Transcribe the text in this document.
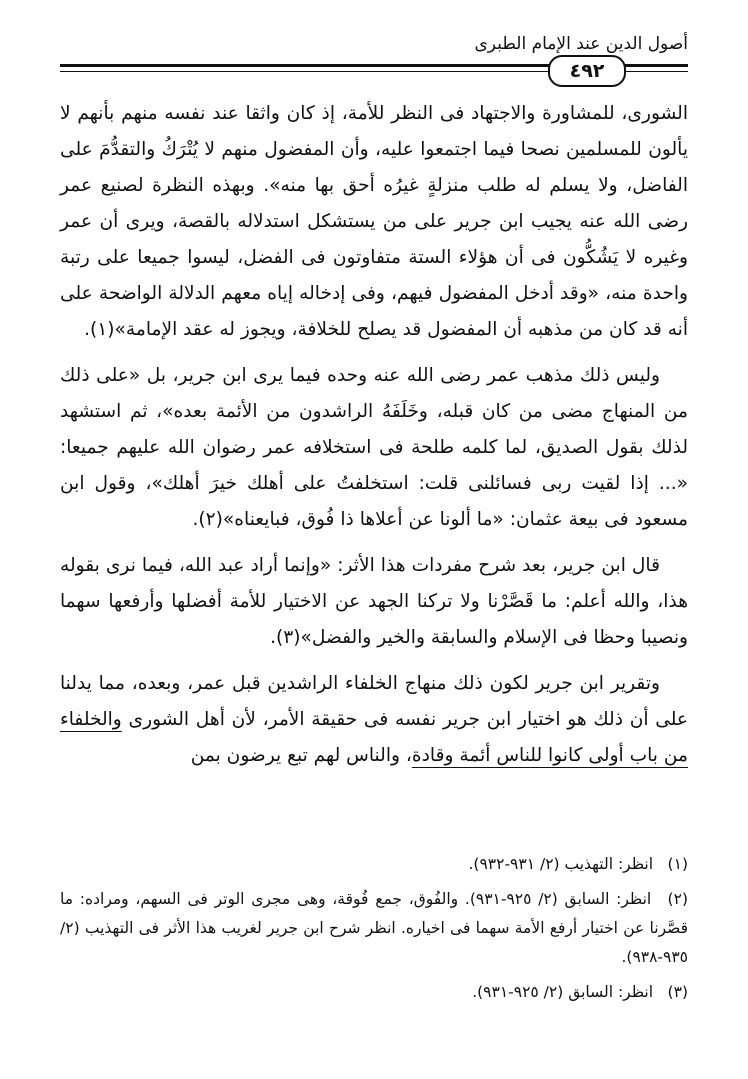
أصول الدين عند الإمام الطبرى
٤٩٢

الشورى، للمشاورة والاجتهاد فى النظر للأمة، إذ كان واثقا عند نفسه منهم بأنهم لا يألون للمسلمين نصحا فيما اجتمعوا عليه، وأن المفضول منهم لا يُتْرَكُ والتقدُّمَ على الفاضل، ولا يسلم له طلب منزلةٍ غيرُه أحق بها منه». وبهذه النظرة لصنيع عمر رضى الله عنه يجيب ابن جرير على من يستشكل استدلاله بالقصة، ويرى أن عمر وغيره لا يَشُكُّون فى أن هؤلاء الستة متفاوتون فى الفضل، ليسوا جميعا على رتبة واحدة منه، «وقد أدخل المفضول فيهم، وفى إدخاله إياه معهم الدلالة الواضحة على أنه قد كان من مذهبه أن المفضول قد يصلح للخلافة، ويجوز له عقد الإمامة»(١).

وليس ذلك مذهب عمر رضى الله عنه وحده فيما يرى ابن جرير، بل «على ذلك من المنهاج مضى من كان قبله، وخَلَفَهُ الراشدون من الأئمة بعده»، ثم استشهد لذلك بقول الصديق، لما كلمه طلحة فى استخلافه عمر رضوان الله عليهم جميعا: «... إذا لقيت ربى فسائلنى قلت: استخلفتُ على أهلك خيرَ أهلك»، وقول ابن مسعود فى بيعة عثمان: «ما ألونا عن أعلاها ذا فُوق، فبايعناه»(٢).

قال ابن جرير، بعد شرح مفردات هذا الأثر: «وإنما أراد عبد الله، فيما نرى بقوله هذا، والله أعلم: ما قَصَّرْنا ولا تركنا الجهد عن الاختيار للأمة أفضلها وأرفعها سهما ونصيبا وحظا فى الإسلام والسابقة والخير والفضل»(٣).

وتقرير ابن جرير لكون ذلك منهاج الخلفاء الراشدين قبل عمر، وبعده، مما يدلنا على أن ذلك هو اختيار ابن جرير نفسه فى حقيقة الأمر، لأن أهل الشورى والخلفاء من باب أولى كانوا للناس أئمة وقادة، والناس لهم تبع يرضون بمن

(١) انظر: التهذيب (٢/ ٩٣١-٩٣٢).

(٢) انظر: السابق (٢/ ٩٢٥-٩٣١). والفُوق، جمع فُوقة، وهى مجرى الوتر فى السهم، ومراده: ما قصَّرنا عن اختيار أرفع الأمة سهما فى اخياره. انظر شرح ابن جرير لغريب هذا الأثر فى التهذيب (٢/ ٩٣٥-٩٣٨).

(٣) انظر: السابق (٢/ ٩٢٥-٩٣١).
